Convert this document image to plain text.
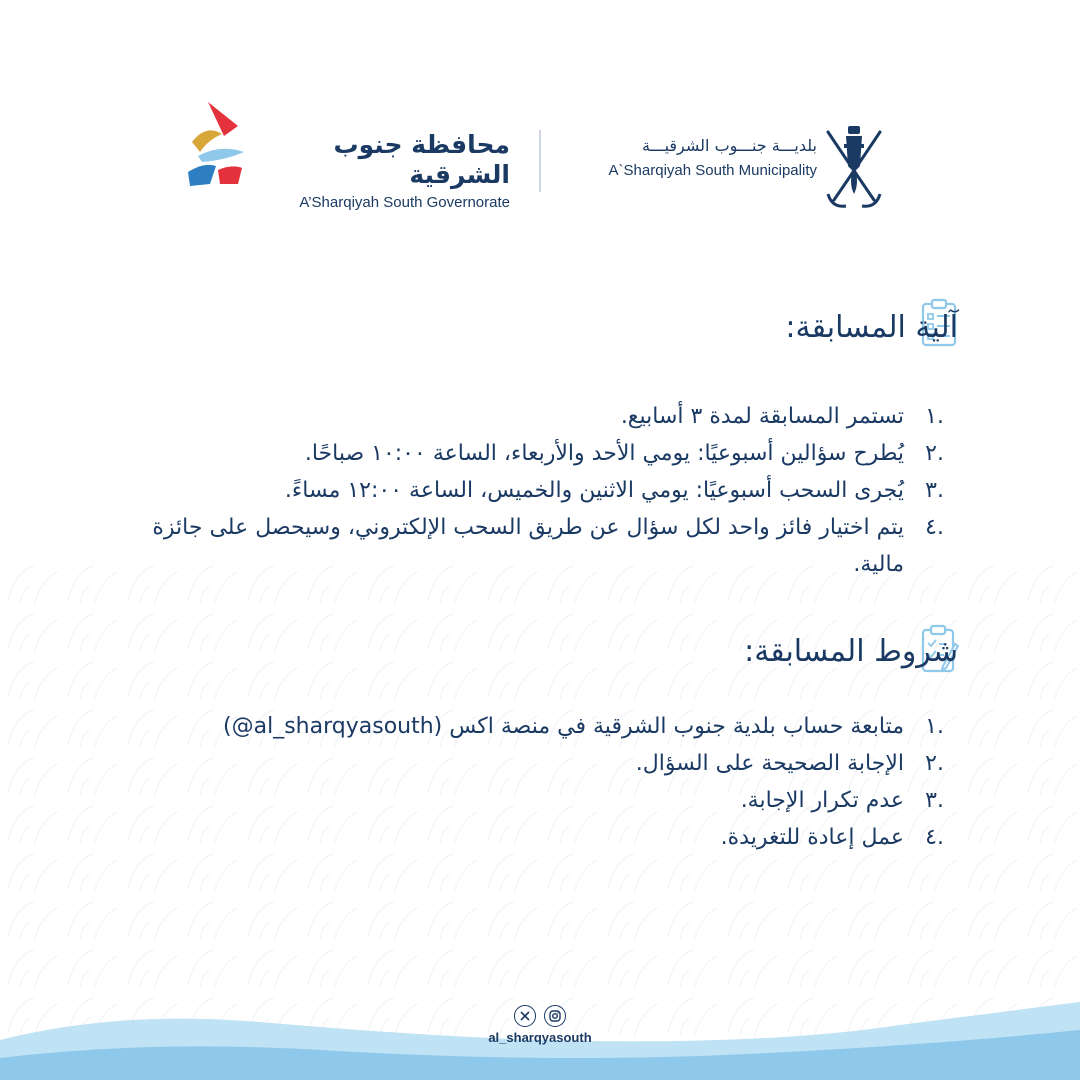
محافظة جنوب الشرقية
A’Sharqiyah South Governorate
بلديـــة جنـــوب الشرقيـــة
A`Sharqiyah South Municipality
آلية المسابقة:
.١
تستمر المسابقة لمدة ٣ أسابيع.
.٢
يُطرح سؤالين أسبوعيًا: يومي الأحد والأربعاء، الساعة ١٠:٠٠ صباحًا.
.٣
يُجرى السحب أسبوعيًا: يومي الاثنين والخميس، الساعة ١٢:٠٠ مساءً.
.٤
يتم اختيار فائز واحد لكل سؤال عن طريق السحب الإلكتروني، وسيحصل على جائزة مالية.
شروط المسابقة:
.١
متابعة حساب بلدية جنوب الشرقية في منصة اكس (al_sharqyasouth@)
.٢
الإجابة الصحيحة على السؤال.
.٣
عدم تكرار الإجابة.
.٤
عمل إعادة للتغريدة.
al_sharqyasouth
